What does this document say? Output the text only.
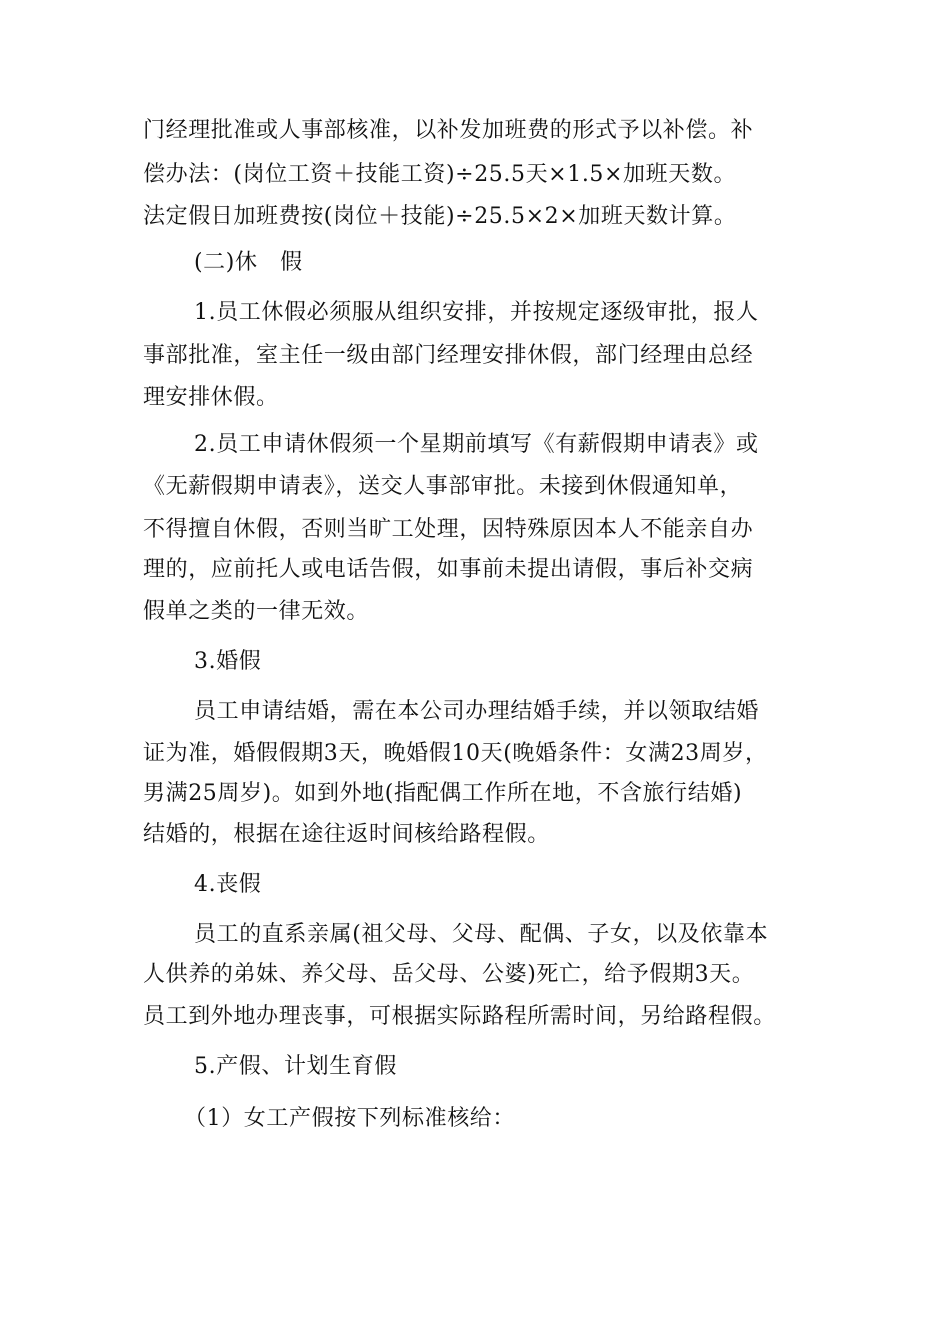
门经理批准或人事部核准，以补发加班费的形式予以补偿。补
偿办法：(岗位工资＋技能工资)÷25.5天×1.5×加班天数。
法定假日加班费按(岗位＋技能)÷25.5×2×加班天数计算。
(二)休　假
1.员工休假必须服从组织安排，并按规定逐级审批，报人
事部批准，室主任一级由部门经理安排休假，部门经理由总经
理安排休假。
2.员工申请休假须一个星期前填写《有薪假期申请表》或
《无薪假期申请表》，送交人事部审批。未接到休假通知单，
不得擅自休假，否则当旷工处理，因特殊原因本人不能亲自办
理的，应前托人或电话告假，如事前未提出请假，事后补交病
假单之类的一律无效。
3.婚假
员工申请结婚，需在本公司办理结婚手续，并以领取结婚
证为准，婚假假期3天，晚婚假10天(晚婚条件：女满23周岁，
男满25周岁)。如到外地(指配偶工作所在地，不含旅行结婚)
结婚的，根据在途往返时间核给路程假。
4.丧假
员工的直系亲属(祖父母、父母、配偶、子女，以及依靠本
人供养的弟妹、养父母、岳父母、公婆)死亡，给予假期3天。
员工到外地办理丧事，可根据实际路程所需时间，另给路程假。
5.产假、计划生育假
（1）女工产假按下列标准核给：
